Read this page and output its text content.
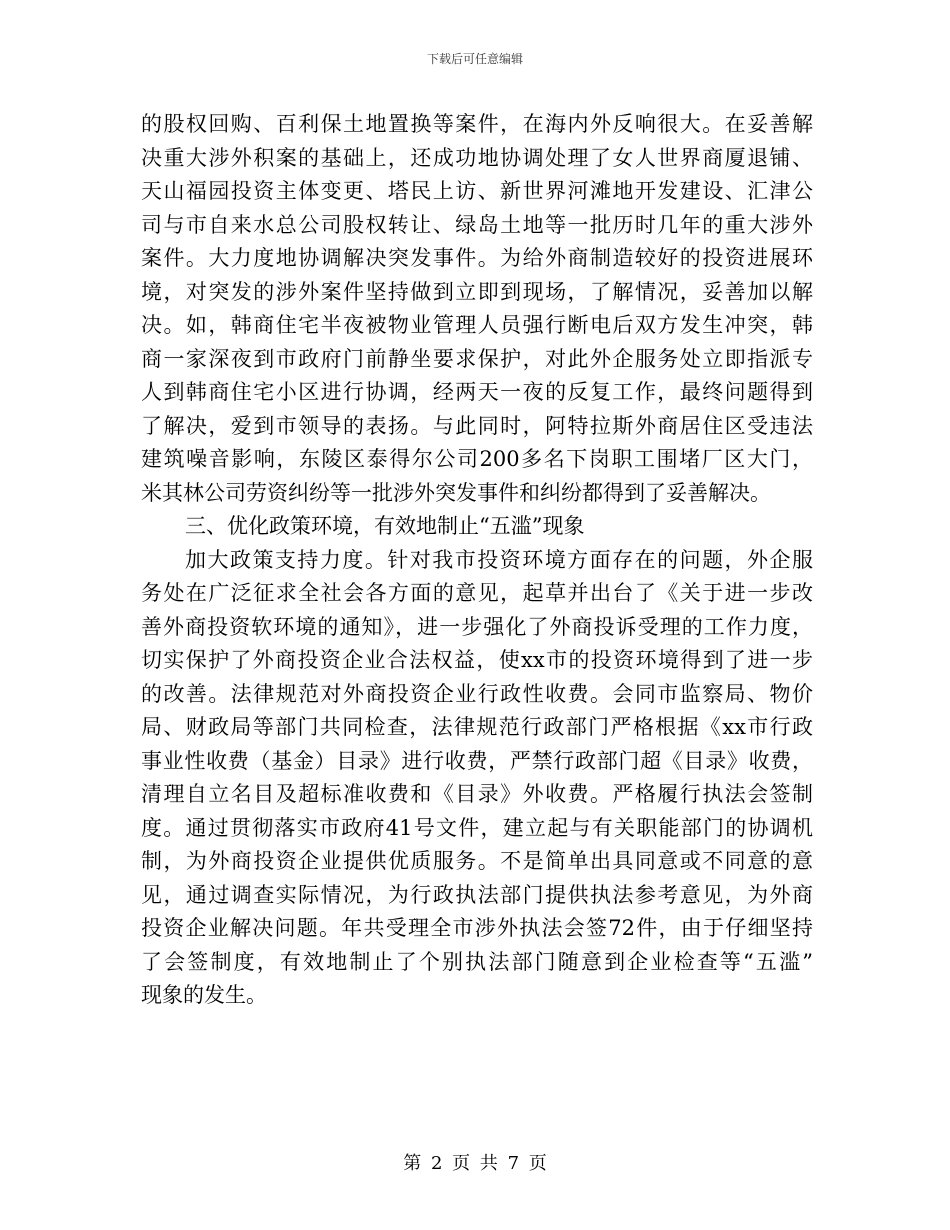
下载后可任意编辑
的股权回购、百利保土地置换等案件，在海内外反响很大。在妥善解
决重大涉外积案的基础上，还成功地协调处理了女人世界商厦退铺、
天山福园投资主体变更、塔民上访、新世界河滩地开发建设、汇津公
司与市自来水总公司股权转让、绿岛土地等一批历时几年的重大涉外
案件。大力度地协调解决突发事件。为给外商制造较好的投资进展环
境，对突发的涉外案件坚持做到立即到现场，了解情况，妥善加以解
决。如，韩商住宅半夜被物业管理人员强行断电后双方发生冲突，韩
商一家深夜到市政府门前静坐要求保护，对此外企服务处立即指派专
人到韩商住宅小区进行协调，经两天一夜的反复工作，最终问题得到
了解决，爱到市领导的表扬。与此同时，阿特拉斯外商居住区受违法
建筑噪音影响，东陵区泰得尔公司200多名下岗职工围堵厂区大门，
米其林公司劳资纠纷等一批涉外突发事件和纠纷都得到了妥善解决。
三、优化政策环境，有效地制止“五滥”现象
加大政策支持力度。针对我市投资环境方面存在的问题，外企服
务处在广泛征求全社会各方面的意见，起草并出台了《关于进一步改
善外商投资软环境的通知》，进一步强化了外商投诉受理的工作力度，
切实保护了外商投资企业合法权益，使xx市的投资环境得到了进一步
的改善。法律规范对外商投资企业行政性收费。会同市监察局、物价
局、财政局等部门共同检查，法律规范行政部门严格根据《xx市行政
事业性收费（基金）目录》进行收费，严禁行政部门超《目录》收费，
清理自立名目及超标准收费和《目录》外收费。严格履行执法会签制
度。通过贯彻落实市政府41号文件，建立起与有关职能部门的协调机
制，为外商投资企业提供优质服务。不是简单出具同意或不同意的意
见，通过调查实际情况，为行政执法部门提供执法参考意见，为外商
投资企业解决问题。年共受理全市涉外执法会签72件，由于仔细坚持
了会签制度，有效地制止了个别执法部门随意到企业检查等“五滥”
现象的发生。
第 2 页 共 7 页
